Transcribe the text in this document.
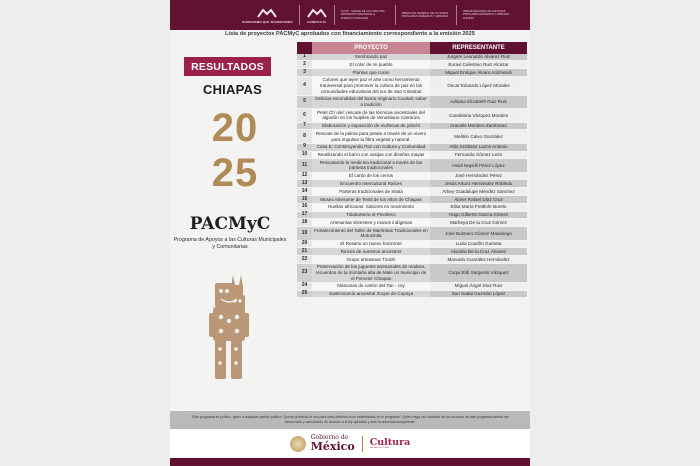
HUMANISMO QUE TRANSFORMA	CONECULTA
UCOPI · UNIDAD DE CULTURA VIVA, PATRIMONIO INMATERIAL E INTERCULTURALIDAD
DIRECCIÓN GENERAL DE CULTURAS POPULARES INDÍGENAS Y URBANAS
UNIDAD REGIONAL DE CULTURAS POPULARES INDÍGENAS Y URBANAS CHIAPAS
Lista de proyectos PACMyC aprobados con financiamiento correspondiente a la emisión 2025
RESULTADOS
CHIAPAS
20
25
PACMyC
Programa de Apoyos a las Culturas Municipales y Comunitarias
	PROYECTO	REPRESENTANTE
1	Sembrando paz	Jurgem Leonardo Álvarez Ruiz
2	El color de mi pueblo	Euravi Celestino Ruiz Alcázar
3	Plantas que curan	Miguel Enrique Álvaro Arizmendi
4	Colores que tejen paz el arte como herramienta transversal para promover la cultura de paz en las comunidades educativas del sur de San Cristobal	Oscar Eduardo López Morales
5	Delicias escondidas del barrio originario Cuxitali; sabor a tradición	Adriana Elizabeth Ruiz Ruiz
6	Petet Ch´ulel: rescate de las técnicas ancestrales del algodón en los huipiles de Venustiano Carranza	Candelaria Vázquez Morales
7	Elaboración y exposición de muñecas de jolochi	Aracelis Montero Zambrano
8	Rescate de la palma para petate a través de un vivero para impulsar la fibra vegetal y natural.	Melitón Calvo González
9	Casa E: Construyendo Paz con Cultura y Comunidad	Aldo Kristians Lazos Antonio
10	Reutilizando el barro con vasijas con diseños mayas	Fernanda Gómez León
11	Rescatando la medicina tradicional a través de las parteras tradicionales	Heidi Nayelli Pérez López
12	El canto de los cerros	José Hernández Pérez
13	Encuentro Intercultural Raíces	Jesús Arturo Hernández Robledo
14	Parteras tradicionales de Sitalá	Arbey Guadalupe Méndez Sánchez
15	Museo Itinerante de Textil de los Altos de Chiapas	Abner Rafael Díaz Cruz
16	Huellas africanas: Sabores en movimiento	Elisa María Frettlohr Burelo
17	Talabartería el Pinolteco	Hugo Gilberto García Gómez
18	Artesanías silvestres y manos indígenas	Marbeya De la Cruz Gómez
19	Fortalecimiento del Taller de Marimbas Tradicionales en Motozintla	José Bulmaro Gómez Masariego
20	El Rosario un nuevo horizonte	Luvia Coutiño Gumeta
21	Raíces de nuestros ancestros	Alondra De la Cruz Álvarez
22	Grupo artesanas Tzotzil	Manuela González Hernández
23	Preservación de los juguetes artesanales de madera, recuerdos de la montaña alta de Male un municipio de el Porvenir Chiapas	Coqui Elib Sargento Vázquez
24	Máscaras de cartón del Tan - coy	Miguel Ángel Díaz Ruiz
25	Gastronomía ancestral Zoque de Copoya	Suri Sadai Guzmán López
"Este programa es público, ajeno a cualquier partido político. Queda prohibido el uso para fines distintos a los establecidos en el programa". Quien haga uso indebido de los recursos de este programa deberá ser denunciado y sancionado de acuerdo a la ley aplicable y ante la autoridad competente.
Gobierno de
México Cultura
Secretaría de Cultura
